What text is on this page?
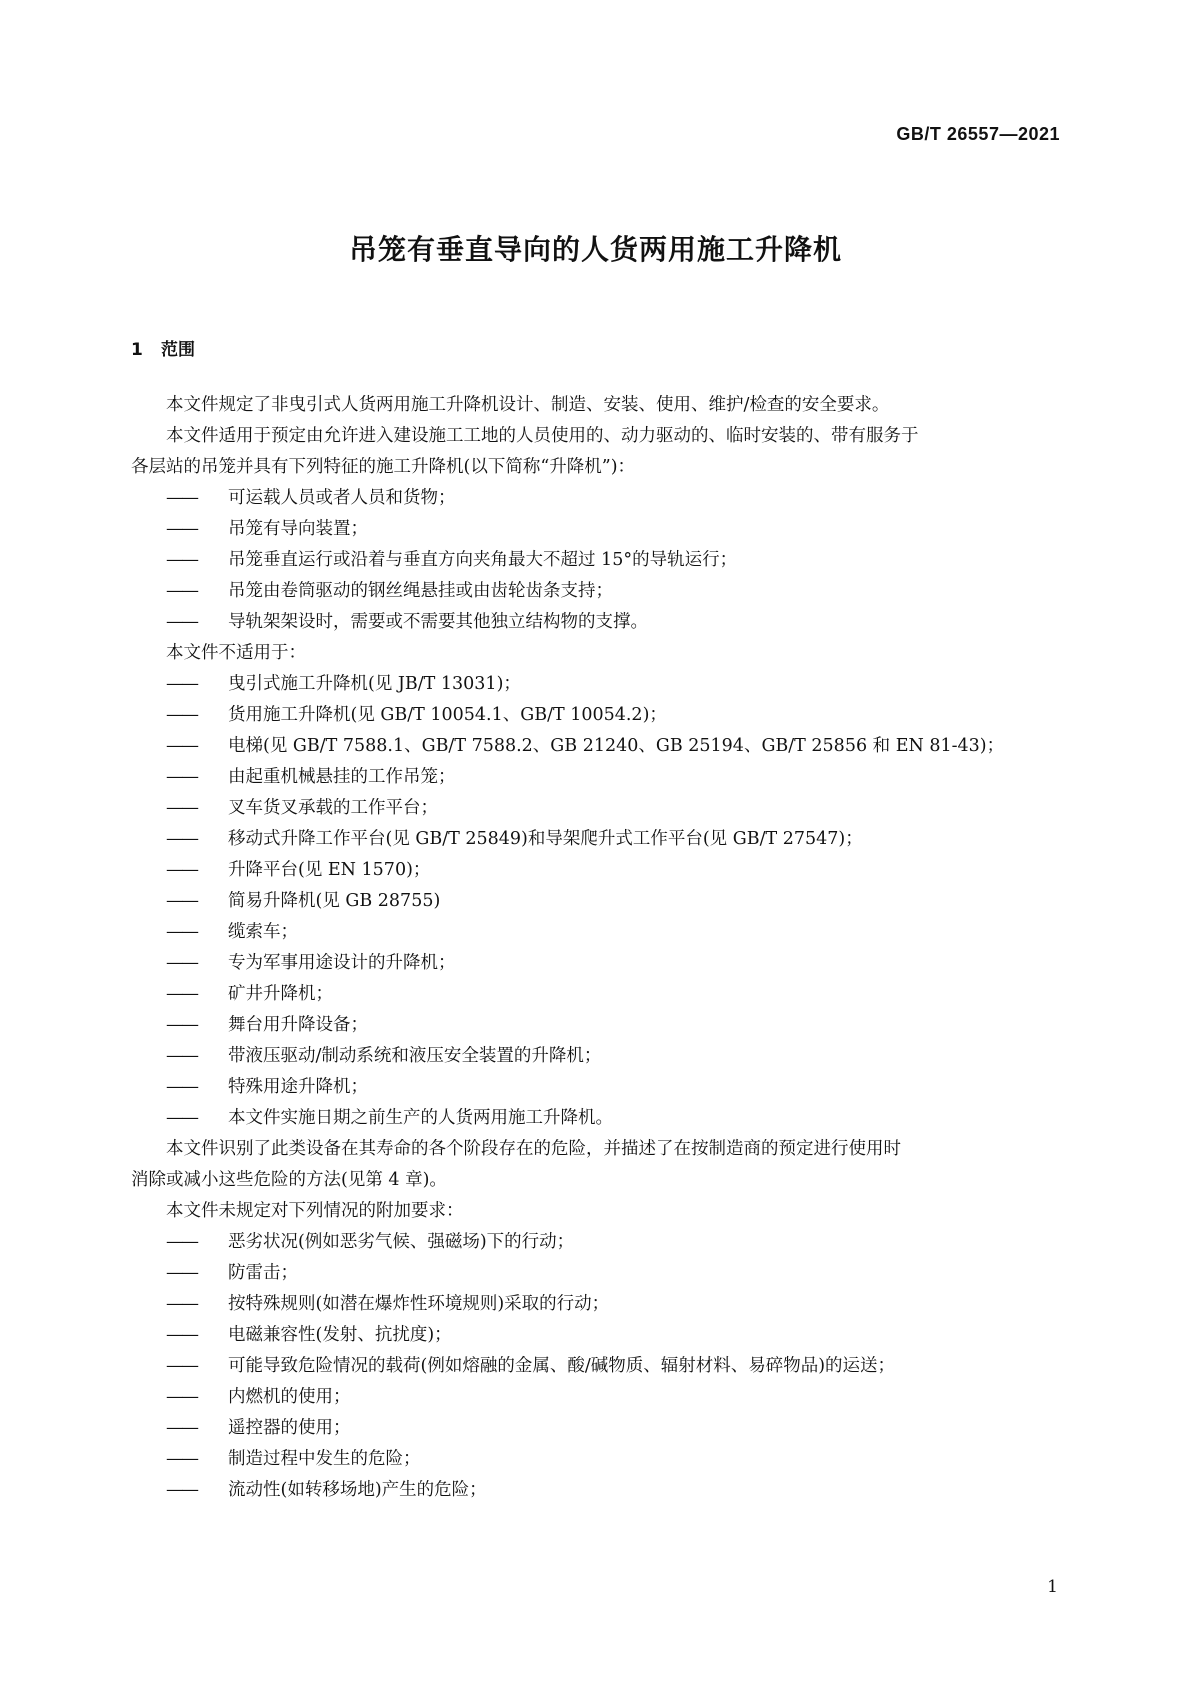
GB/T 26557—2021
吊笼有垂直导向的人货两用施工升降机
1 范围
本文件规定了非曳引式人货两用施工升降机设计、制造、安装、使用、维护/检查的安全要求。
本文件适用于预定由允许进入建设施工工地的人员使用的、动力驱动的、临时安装的、带有服务于
各层站的吊笼并具有下列特征的施工升降机(以下简称“升降机”)：
—— 可运载人员或者人员和货物；
—— 吊笼有导向装置；
—— 吊笼垂直运行或沿着与垂直方向夹角最大不超过 15°的导轨运行；
—— 吊笼由卷筒驱动的钢丝绳悬挂或由齿轮齿条支持；
—— 导轨架架设时，需要或不需要其他独立结构物的支撑。
本文件不适用于：
—— 曳引式施工升降机(见 JB/T 13031)；
—— 货用施工升降机(见 GB/T 10054.1、GB/T 10054.2)；
—— 电梯(见 GB/T 7588.1、GB/T 7588.2、GB 21240、GB 25194、GB/T 25856 和 EN 81-43)；
—— 由起重机械悬挂的工作吊笼；
—— 叉车货叉承载的工作平台；
—— 移动式升降工作平台(见 GB/T 25849)和导架爬升式工作平台(见 GB/T 27547)；
—— 升降平台(见 EN 1570)；
—— 简易升降机(见 GB 28755)
—— 缆索车；
—— 专为军事用途设计的升降机；
—— 矿井升降机；
—— 舞台用升降设备；
—— 带液压驱动/制动系统和液压安全装置的升降机；
—— 特殊用途升降机；
—— 本文件实施日期之前生产的人货两用施工升降机。
本文件识别了此类设备在其寿命的各个阶段存在的危险，并描述了在按制造商的预定进行使用时
消除或减小这些危险的方法(见第 4 章)。
本文件未规定对下列情况的附加要求：
—— 恶劣状况(例如恶劣气候、强磁场)下的行动；
—— 防雷击；
—— 按特殊规则(如潜在爆炸性环境规则)采取的行动；
—— 电磁兼容性(发射、抗扰度)；
—— 可能导致危险情况的载荷(例如熔融的金属、酸/碱物质、辐射材料、易碎物品)的运送；
—— 内燃机的使用；
—— 遥控器的使用；
—— 制造过程中发生的危险；
—— 流动性(如转移场地)产生的危险；
1
